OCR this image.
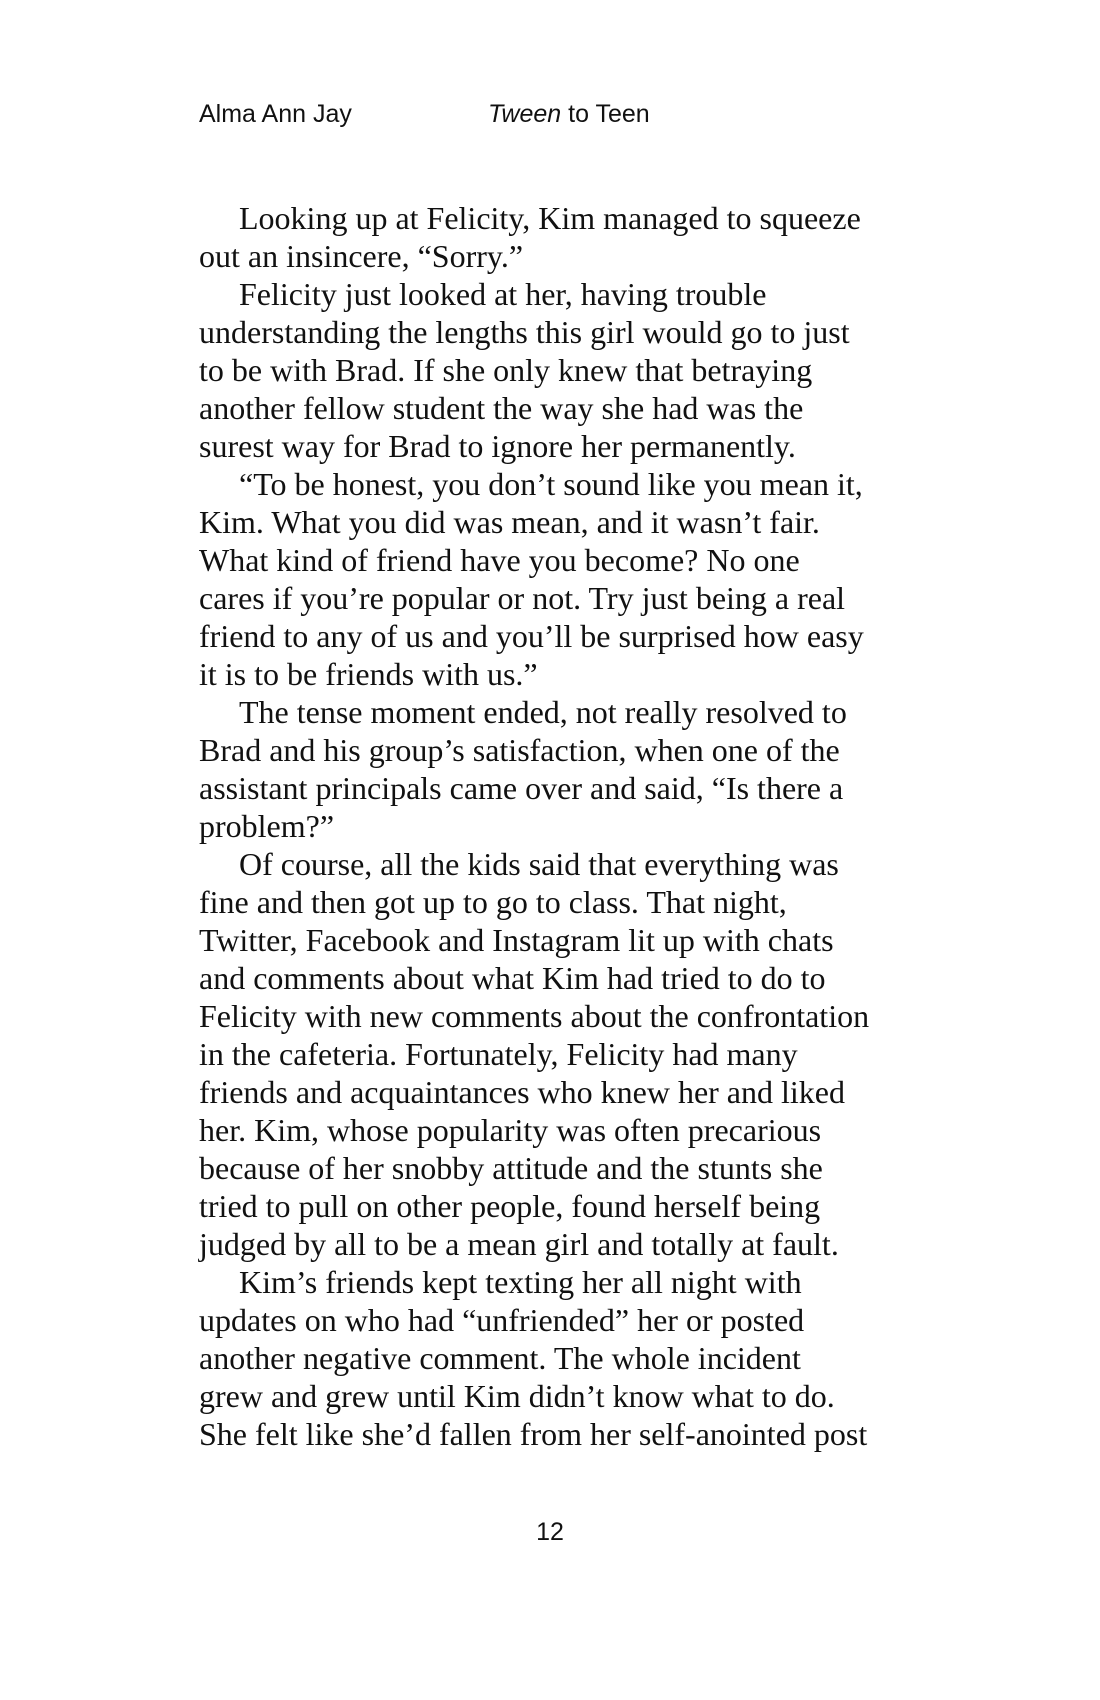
Alma Ann Jay	Tween to Teen
Looking up at Felicity, Kim managed to squeeze
out an insincere, “Sorry.”
Felicity just looked at her, having trouble
understanding the lengths this girl would go to just
to be with Brad. If she only knew that betraying
another fellow student the way she had was the
surest way for Brad to ignore her permanently.
“To be honest, you don’t sound like you mean it,
Kim. What you did was mean, and it wasn’t fair.
What kind of friend have you become? No one
cares if you’re popular or not. Try just being a real
friend to any of us and you’ll be surprised how easy
it is to be friends with us.”
The tense moment ended, not really resolved to
Brad and his group’s satisfaction, when one of the
assistant principals came over and said, “Is there a
problem?”
Of course, all the kids said that everything was
fine and then got up to go to class. That night,
Twitter, Facebook and Instagram lit up with chats
and comments about what Kim had tried to do to
Felicity with new comments about the confrontation
in the cafeteria. Fortunately, Felicity had many
friends and acquaintances who knew her and liked
her. Kim, whose popularity was often precarious
because of her snobby attitude and the stunts she
tried to pull on other people, found herself being
judged by all to be a mean girl and totally at fault.
Kim’s friends kept texting her all night with
updates on who had “unfriended” her or posted
another negative comment. The whole incident
grew and grew until Kim didn’t know what to do.
She felt like she’d fallen from her self-anointed post
12
